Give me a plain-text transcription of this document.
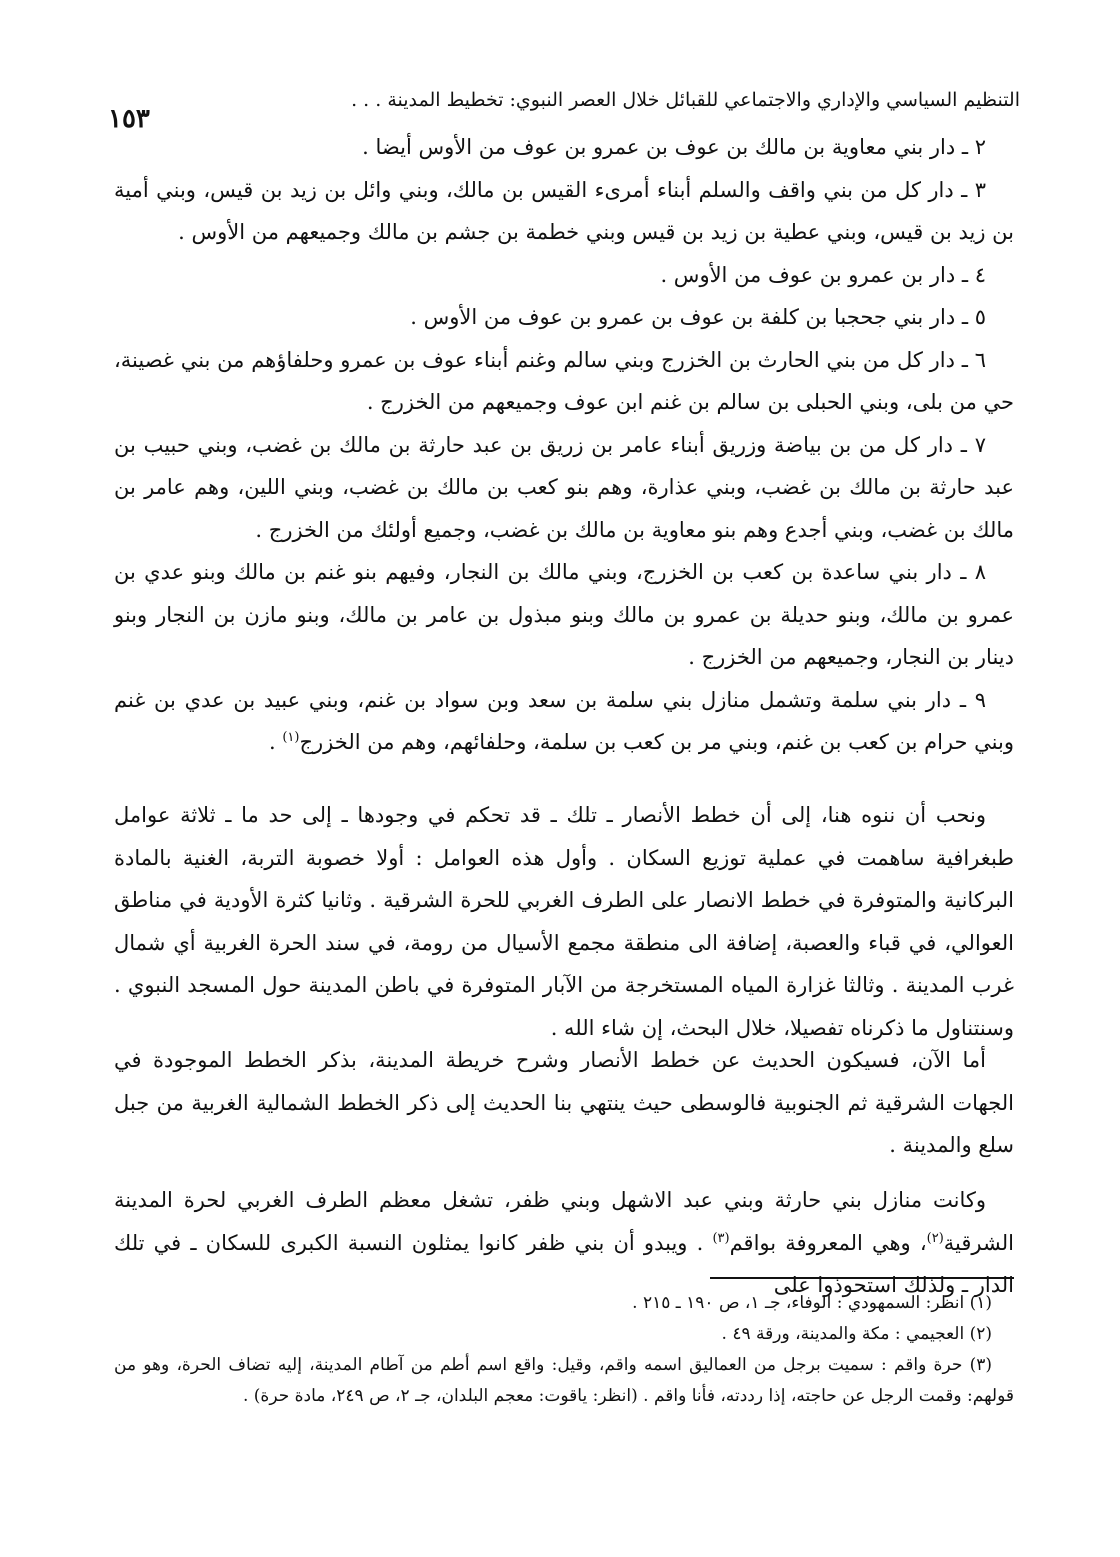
التنظيم السياسي والإداري والاجتماعي للقبائل خلال العصر النبوي: تخطيط المدينة . . .
١٥٣

٢ ـ دار بني معاوية بن مالك بن عوف بن عمرو بن عوف من الأوس أيضا .

٣ ـ دار كل من بني واقف والسلم أبناء أمرىء القيس بن مالك، وبني وائل بن زيد بن قيس، وبني أمية بن زيد بن قيس، وبني عطية بن زيد بن قيس وبني خطمة بن جشم بن مالك وجميعهم من الأوس .

٤ ـ دار بن عمرو بن عوف من الأوس .

٥ ـ دار بني جحجبا بن كلفة بن عوف بن عمرو بن عوف من الأوس .

٦ ـ دار كل من بني الحارث بن الخزرج وبني سالم وغنم أبناء عوف بن عمرو وحلفاؤهم من بني غصينة، حي من بلى، وبني الحبلى بن سالم بن غنم ابن عوف وجميعهم من الخزرج .

٧ ـ دار كل من بن بياضة وزريق أبناء عامر بن زريق بن عبد حارثة بن مالك بن غضب، وبني حبيب بن عبد حارثة بن مالك بن غضب، وبني عذارة، وهم بنو كعب بن مالك بن غضب، وبني اللين، وهم عامر بن مالك بن غضب، وبني أجدع وهم بنو معاوية بن مالك بن غضب، وجميع أولئك من الخزرج .

٨ ـ دار بني ساعدة بن كعب بن الخزرج، وبني مالك بن النجار، وفيهم بنو غنم بن مالك وبنو عدي بن عمرو بن مالك، وبنو حديلة بن عمرو بن مالك وبنو مبذول بن عامر بن مالك، وبنو مازن بن النجار وبنو دينار بن النجار، وجميعهم من الخزرج .

٩ ـ دار بني سلمة وتشمل منازل بني سلمة بن سعد وبن سواد بن غنم، وبني عبيد بن عدي بن غنم وبني حرام بن كعب بن غنم، وبني مر بن كعب بن سلمة، وحلفائهم، وهم من الخزرج$^{(١)}$ .

ونحب أن ننوه هنا، إلى أن خطط الأنصار ـ تلك ـ قد تحكم في وجودها ـ إلى حد ما ـ ثلاثة عوامل طبغرافية ساهمت في عملية توزيع السكان . وأول هذه العوامل : أولا خصوبة التربة، الغنية بالمادة البركانية والمتوفرة في خطط الانصار على الطرف الغربي للحرة الشرقية . وثانيا كثرة الأودية في مناطق العوالي، في قباء والعصبة، إضافة الى منطقة مجمع الأسيال من رومة، في سند الحرة الغربية أي شمال غرب المدينة . وثالثا غزارة المياه المستخرجة من الآبار المتوفرة في باطن المدينة حول المسجد النبوي . وسنتناول ما ذكرناه تفصيلا، خلال البحث، إن شاء الله .

أما الآن، فسيكون الحديث عن خطط الأنصار وشرح خريطة المدينة، بذكر الخطط الموجودة في الجهات الشرقية ثم الجنوبية فالوسطى حيث ينتهي بنا الحديث إلى ذكر الخطط الشمالية الغربية من جبل سلع والمدينة .

وكانت منازل بني حارثة وبني عبد الاشهل وبني ظفر، تشغل معظم الطرف الغربي لحرة المدينة الشرقية$^{(٢)}$، وهي المعروفة بواقم$^{(٣)}$ . ويبدو أن بني ظفر كانوا يمثلون النسبة الكبرى للسكان ـ في تلك الدار ـ ولذلك استحوذوا على

(١) انظر: السمهودي : الوفاء، جـ ١، ص ١٩٠ ـ ٢١٥ .

(٢) العجيمي : مكة والمدينة، ورقة ٤٩ .

(٣) حرة واقم : سميت برجل من العماليق اسمه واقم، وقيل: واقع اسم أطم من آطام المدينة، إليه تضاف الحرة، وهو من قولهم: وقمت الرجل عن حاجته، إذا رددته، فأنا واقم . (انظر: ياقوت: معجم البلدان، جـ ٢، ص ٢٤٩، مادة حرة) .
